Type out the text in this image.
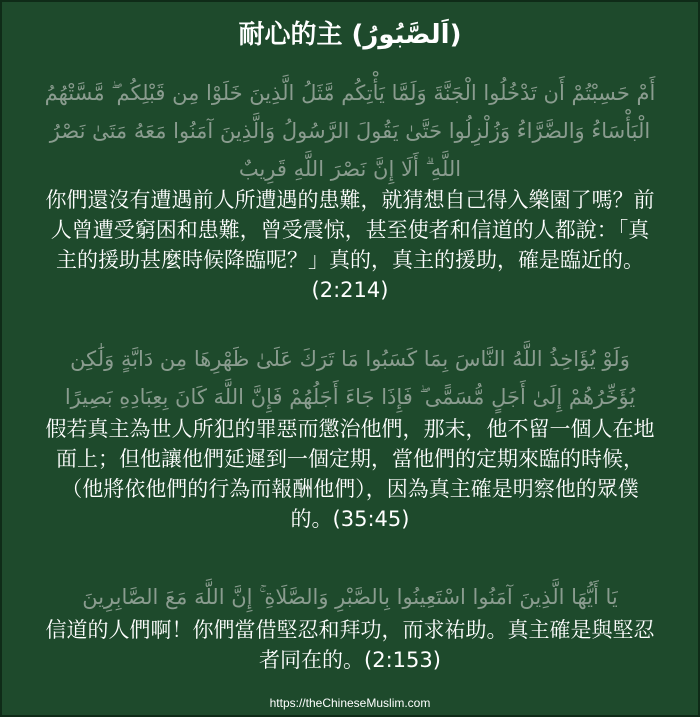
耐心的主 (اَلصَّبُورُ)
أَمْ حَسِبْتُمْ أَن تَدْخُلُوا الْجَنَّةَ وَلَمَّا يَأْتِكُم مَّثَلُ الَّذِينَ خَلَوْا مِن قَبْلِكُم ۖ مَّسَّتْهُمُ الْبَأْسَاءُ وَالضَّرَّاءُ وَزُلْزِلُوا حَتَّىٰ يَقُولَ الرَّسُولُ وَالَّذِينَ آمَنُوا مَعَهُ مَتَىٰ نَصْرُ اللَّهِ ۗ أَلَا إِنَّ نَصْرَ اللَّهِ قَرِيبٌ
你們還沒有遭遇前人所遭遇的患難，就猜想自己得入樂園了嗎？前人曾遭受窮困和患難，曾受震惊，甚至使者和信道的人都說：「真主的援助甚麼時候降臨呢？」真的，真主的援助，確是臨近的。(2:214)
وَلَوْ يُؤَاخِذُ اللَّهُ النَّاسَ بِمَا كَسَبُوا مَا تَرَكَ عَلَىٰ ظَهْرِهَا مِن دَابَّةٍ وَلَٰكِن يُؤَخِّرُهُمْ إِلَىٰ أَجَلٍ مُّسَمًّى ۖ فَإِذَا جَاءَ أَجَلُهُمْ فَإِنَّ اللَّهَ كَانَ بِعِبَادِهِ بَصِيرًا
假若真主為世人所犯的罪惡而懲治他們，那末，他不留一個人在地面上；但他讓他們延遲到一個定期，當他們的定期來臨的時候，（他將依他們的行為而報酬他們），因為真主確是明察他的眾僕的。(35:45)
يَا أَيُّهَا الَّذِينَ آمَنُوا اسْتَعِينُوا بِالصَّبْرِ وَالصَّلَاةِ ۚ إِنَّ اللَّهَ مَعَ الصَّابِرِينَ
信道的人們啊！你們當借堅忍和拜功，而求祐助。真主確是與堅忍者同在的。(2:153)
https://theChineseMuslim.com
